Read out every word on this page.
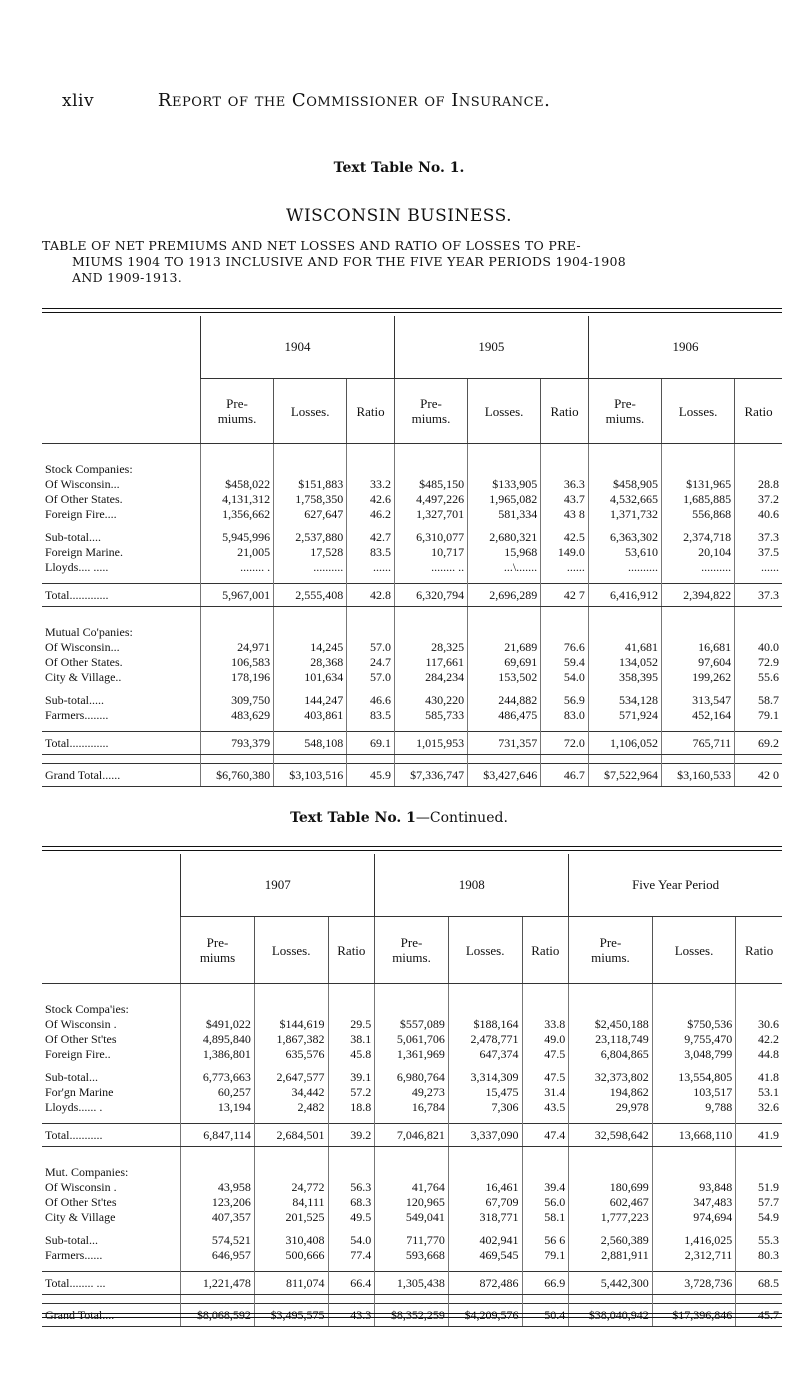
xliv	Report of the Commissioner of Insurance.
Text Table No. 1.
WISCONSIN BUSINESS.
TABLE OF NET PREMIUMS AND NET LOSSES AND RATIO OF LOSSES TO PRE-
MIUMS 1904 TO 1913 INCLUSIVE AND FOR THE FIVE YEAR PERIODS 1904-1908
AND 1909-1913.
	1904			1905			1906		
	Pre-
miums.	Losses.	Ratio	Pre-
miums.	Losses.	Ratio	Pre-
miums.	Losses.	Ratio
Stock Companies:									
Of Wisconsin...	$458,022	$151,883	33.2	$485,150	$133,905	36.3	$458,905	$131,965	28.8
Of Other States.	4,131,312	1,758,350	42.6	4,497,226	1,965,082	43.7	4,532,665	1,685,885	37.2
Foreign Fire....	1,356,662	627,647	46.2	1,327,701	581,334	43 8	1,371,732	556,868	40.6

Sub-total....	5,945,996	2,537,880	42.7	6,310,077	2,680,321	42.5	6,363,302	2,374,718	37.3
Foreign Marine.	21,005	17,528	83.5	10,717	15,968	149.0	53,610	20,104	37.5
Lloyds.... .....	........ .	..........	......	........ ..	...\.......	......	..........	..........	......

Total.............	5,967,001	2,555,408	42.8	6,320,794	2,696,289	42 7	6,416,912	2,394,822	37.3
Mutual Co'panies:									
Of Wisconsin...	24,971	14,245	57.0	28,325	21,689	76.6	41,681	16,681	40.0
Of Other States.	106,583	28,368	24.7	117,661	69,691	59.4	134,052	97,604	72.9
City & Village..	178,196	101,634	57.0	284,234	153,502	54.0	358,395	199,262	55.6

Sub-total.....	309,750	144,247	46.6	430,220	244,882	56.9	534,128	313,547	58.7
Farmers........	483,629	403,861	83.5	585,733	486,475	83.0	571,924	452,164	79.1

Total.............	793,379	548,108	69.1	1,015,953	731,357	72.0	1,106,052	765,711	69.2

Grand Total......	$6,760,380	$3,103,516	45.9	$7,336,747	$3,427,646	46.7	$7,522,964	$3,160,533	42 0
Text Table No. 1—Continued.
	1907			1908			Five Year Period		
	Pre-
miums	Losses.	Ratio	Pre-
miums.	Losses.	Ratio	Pre-
miums.	Losses.	Ratio
Stock Compa'ies:									
Of Wisconsin .	$491,022	$144,619	29.5	$557,089	$188,164	33.8	$2,450,188	$750,536	30.6
Of Other St'tes	4,895,840	1,867,382	38.1	5,061,706	2,478,771	49.0	23,118,749	9,755,470	42.2
Foreign Fire..	1,386,801	635,576	45.8	1,361,969	647,374	47.5	6,804,865	3,048,799	44.8

Sub-total...	6,773,663	2,647,577	39.1	6,980,764	3,314,309	47.5	32,373,802	13,554,805	41.8
For'gn Marine	60,257	34,442	57.2	49,273	15,475	31.4	194,862	103,517	53.1
Lloyds...... .	13,194	2,482	18.8	16,784	7,306	43.5	29,978	9,788	32.6

Total...........	6,847,114	2,684,501	39.2	7,046,821	3,337,090	47.4	32,598,642	13,668,110	41.9
Mut. Companies:									
Of Wisconsin .	43,958	24,772	56.3	41,764	16,461	39.4	180,699	93,848	51.9
Of Other St'tes	123,206	84,111	68.3	120,965	67,709	56.0	602,467	347,483	57.7
City & Village	407,357	201,525	49.5	549,041	318,771	58.1	1,777,223	974,694	54.9

Sub-total...	574,521	310,408	54.0	711,770	402,941	56 6	2,560,389	1,416,025	55.3
Farmers......	646,957	500,666	77.4	593,668	469,545	79.1	2,881,911	2,312,711	80.3

Total........ ...	1,221,478	811,074	66.4	1,305,438	872,486	66.9	5,442,300	3,728,736	68.5

Grand Total....	$8,068,592	$3,495,575	43.3	$8,352,259	$4,209,576	50.4	$38,040,942	$17,396,846	45.7
